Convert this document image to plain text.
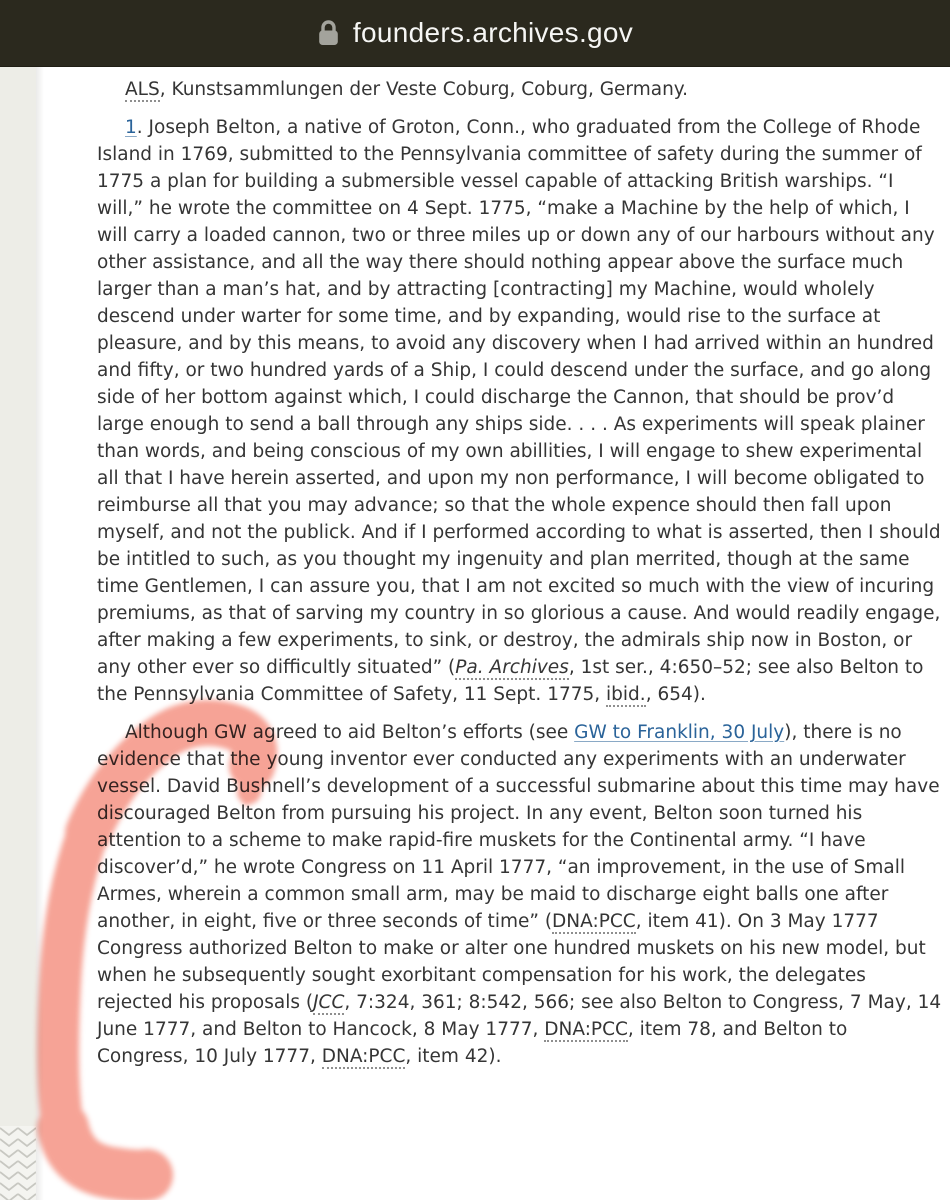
founders.archives.gov

ALS, Kunstsammlungen der Veste Coburg, Coburg, Germany.

1. Joseph Belton, a native of Groton, Conn., who graduated from the College of Rhode Island in 1769, submitted to the Pennsylvania committee of safety during the summer of 1775 a plan for building a submersible vessel capable of attacking British warships. “I will,” he wrote the committee on 4 Sept. 1775, “make a Machine by the help of which, I will carry a loaded cannon, two or three miles up or down any of our harbours without any other assistance, and all the way there should nothing appear above the surface much larger than a man’s hat, and by attracting [contracting] my Machine, would wholely descend under warter for some time, and by expanding, would rise to the surface at pleasure, and by this means, to avoid any discovery when I had arrived within an hundred and fifty, or two hundred yards of a Ship, I could descend under the surface, and go along side of her bottom against which, I could discharge the Cannon, that should be prov’d large enough to send a ball through any ships side. . . . As experiments will speak plainer than words, and being conscious of my own abillities, I will engage to shew experimental all that I have herein asserted, and upon my non performance, I will become obligated to reimburse all that you may advance; so that the whole expence should then fall upon myself, and not the publick. And if I performed according to what is asserted, then I should be intitled to such, as you thought my ingenuity and plan merrited, though at the same time Gentlemen, I can assure you, that I am not excited so much with the view of incuring premiums, as that of sarving my country in so glorious a cause. And would readily engage, after making a few experiments, to sink, or destroy, the admirals ship now in Boston, or any other ever so difficultly situated” (Pa. Archives, 1st ser., 4:650–52; see also Belton to the Pennsylvania Committee of Safety, 11 Sept. 1775, ibid., 654).

Although GW agreed to aid Belton’s efforts (see GW to Franklin, 30 July), there is no evidence that the young inventor ever conducted any experiments with an underwater vessel. David Bushnell’s development of a successful submarine about this time may have discouraged Belton from pursuing his project. In any event, Belton soon turned his attention to a scheme to make rapid-fire muskets for the Continental army. “I have discover’d,” he wrote Congress on 11 April 1777, “an improvement, in the use of Small Armes, wherein a common small arm, may be maid to discharge eight balls one after another, in eight, five or three seconds of time” (DNA:PCC, item 41). On 3 May 1777 Congress authorized Belton to make or alter one hundred muskets on his new model, but when he subsequently sought exorbitant compensation for his work, the delegates rejected his proposals (JCC, 7:324, 361; 8:542, 566; see also Belton to Congress, 7 May, 14 June 1777, and Belton to Hancock, 8 May 1777, DNA:PCC, item 78, and Belton to Congress, 10 July 1777, DNA:PCC, item 42).
